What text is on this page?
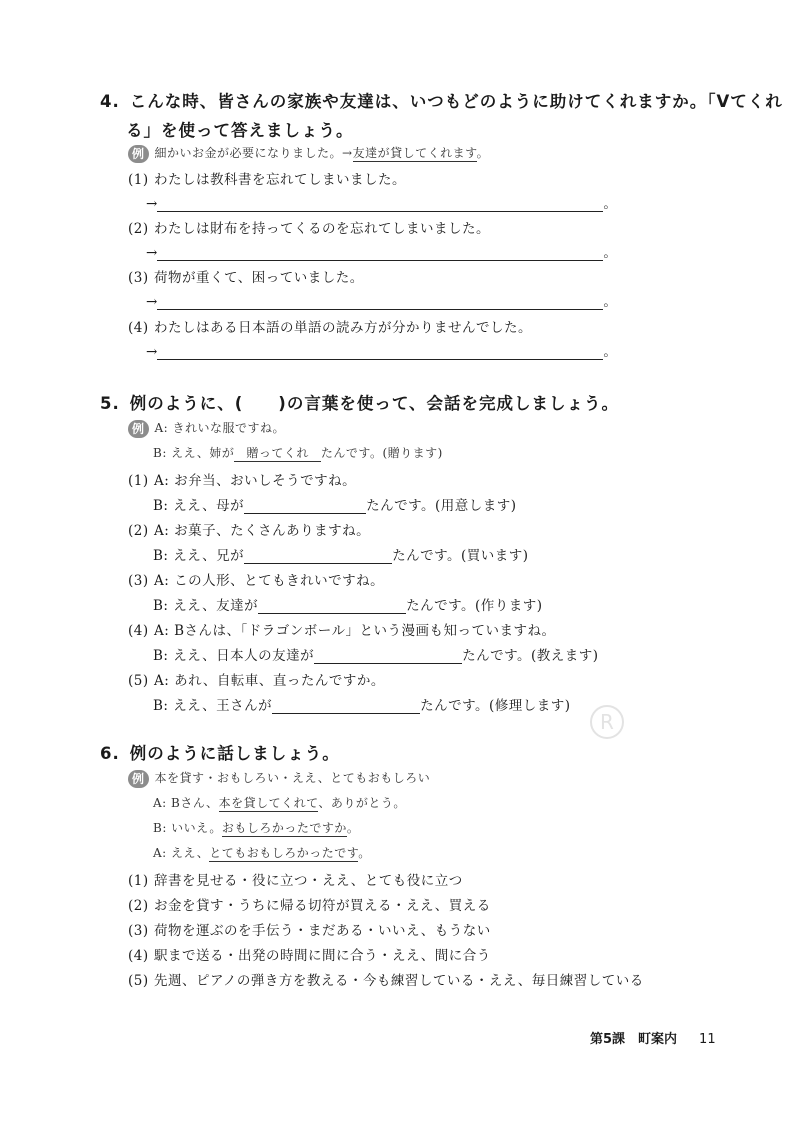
R
4. こんな時、皆さんの家族や友達は、いつもどのように助けてくれますか。「Vてくれ
る」を使って答えましょう。
例 細かいお金が必要になりました。→友達が貸してくれます。
(1) わたしは教科書を忘れてしまいました。
→	。
(2) わたしは財布を持ってくるのを忘れてしまいました。
→	。
(3) 荷物が重くて、困っていました。
→	。
(4) わたしはある日本語の単語の読み方が分かりませんでした。
→	。
5. 例のように、(　　)の言葉を使って、会話を完成しましょう。
例 A: きれいな服ですね。
B: ええ、姉が 贈ってくれ たんです。(贈ります)
(1) A: お弁当、おいしそうですね。
B: ええ、母が	たんです。(用意します)
(2) A: お菓子、たくさんありますね。
B: ええ、兄が	たんです。(買います)
(3) A: この人形、とてもきれいですね。
B: ええ、友達が	たんです。(作ります)
(4) A: Bさんは、「ドラゴンボール」という漫画も知っていますね。
B: ええ、日本人の友達が	たんです。(教えます)
(5) A: あれ、自転車、直ったんですか。
B: ええ、王さんが	たんです。(修理します)
6. 例のように話しましょう。
例 本を貸す・おもしろい・ええ、とてもおもしろい
A: Bさん、本を貸してくれて、ありがとう。
B: いいえ。おもしろかったですか。
A: ええ、とてもおもしろかったです。
(1) 辞書を見せる・役に立つ・ええ、とても役に立つ
(2) お金を貸す・うちに帰る切符が買える・ええ、買える
(3) 荷物を運ぶのを手伝う・まだある・いいえ、もうない
(4) 駅まで送る・出発の時間に間に合う・ええ、間に合う
(5) 先週、ピアノの弾き方を教える・今も練習している・ええ、毎日練習している
第5課　町案内 11
